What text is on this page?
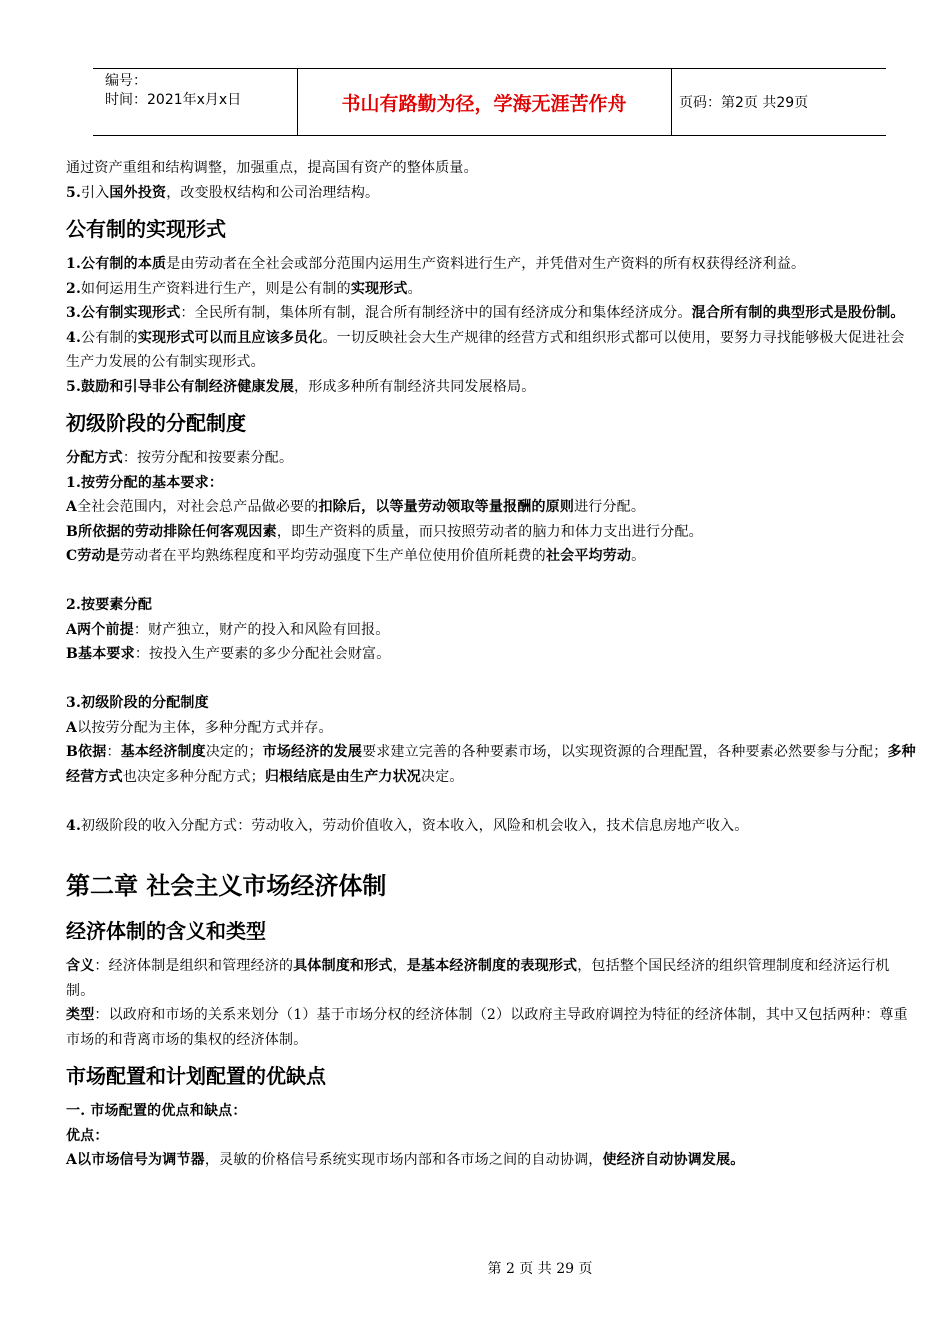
编号：
时间：2021年x月x日	书山有路勤为径，学海无涯苦作舟	页码：第2页 共29页

通过资产重组和结构调整，加强重点，提高国有资产的整体质量。

5.引入国外投资，改变股权结构和公司治理结构。

公有制的实现形式

1.公有制的本质是由劳动者在全社会或部分范围内运用生产资料进行生产，并凭借对生产资料的所有权获得经济利益。

2.如何运用生产资料进行生产，则是公有制的实现形式。

3.公有制实现形式：全民所有制，集体所有制，混合所有制经济中的国有经济成分和集体经济成分。混合所有制的典型形式是股份制。

4.公有制的实现形式可以而且应该多员化。一切反映社会大生产规律的经营方式和组织形式都可以使用，要努力寻找能够极大促进社会生产力发展的公有制实现形式。

5.鼓励和引导非公有制经济健康发展，形成多种所有制经济共同发展格局。

初级阶段的分配制度

分配方式：按劳分配和按要素分配。

1.按劳分配的基本要求：

A全社会范围内，对社会总产品做必要的扣除后，以等量劳动领取等量报酬的原则进行分配。

B所依据的劳动排除任何客观因素，即生产资料的质量，而只按照劳动者的脑力和体力支出进行分配。

C劳动是劳动者在平均熟练程度和平均劳动强度下生产单位使用价值所耗费的社会平均劳动。

2.按要素分配

A两个前提：财产独立，财产的投入和风险有回报。

B基本要求：按投入生产要素的多少分配社会财富。

3.初级阶段的分配制度

A以按劳分配为主体，多种分配方式并存。

B依据：基本经济制度决定的；市场经济的发展要求建立完善的各种要素市场，以实现资源的合理配置，各种要素必然要参与分配；多种经营方式也决定多种分配方式；归根结底是由生产力状况决定。

4.初级阶段的收入分配方式：劳动收入，劳动价值收入，资本收入，风险和机会收入，技术信息房地产收入。

第二章 社会主义市场经济体制
经济体制的含义和类型

含义：经济体制是组织和管理经济的具体制度和形式，是基本经济制度的表现形式，包括整个国民经济的组织管理制度和经济运行机制。

类型：以政府和市场的关系来划分（1）基于市场分权的经济体制（2）以政府主导政府调控为特征的经济体制，其中又包括两种：尊重市场的和背离市场的集权的经济体制。

市场配置和计划配置的优缺点

一. 市场配置的优点和缺点：

优点：

A以市场信号为调节器，灵敏的价格信号系统实现市场内部和各市场之间的自动协调，使经济自动协调发展。

第 2 页 共 29 页
